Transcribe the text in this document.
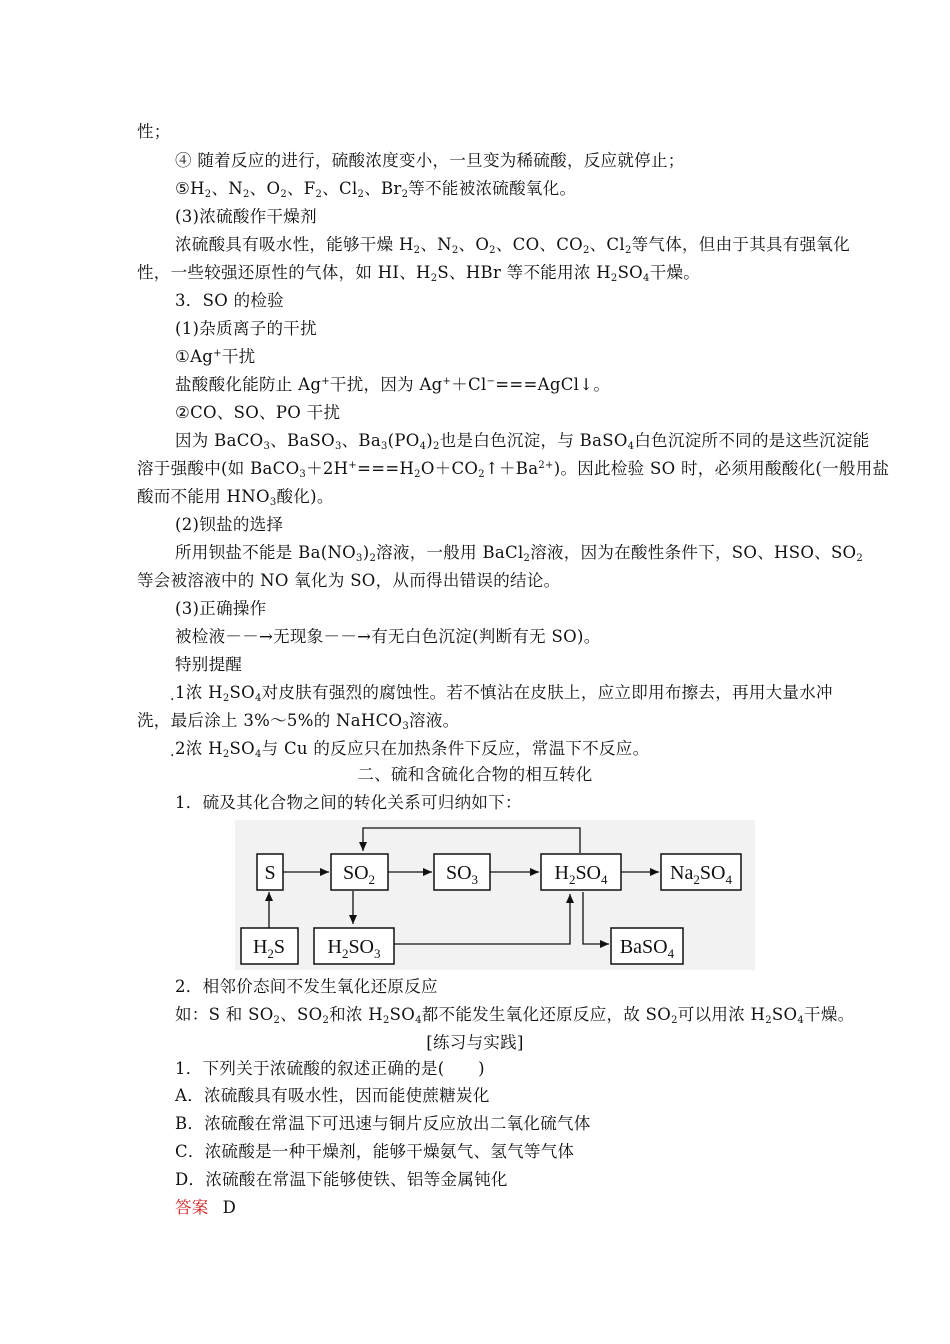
性；
④ 随着反应的进行，硫酸浓度变小，一旦变为稀硫酸，反应就停止；
$⑤H_2$、$N_2$、$O_2$、$F_2$、$Cl_2$、$Br_2$等不能被浓硫酸氧化。
(3)浓硫酸作干燥剂
浓硫酸具有吸水性，能够干燥 $H_2$、$N_2$、$O_2$、CO、$CO_2$、$Cl_2$等气体，但由于其具有强氧化
性，一些较强还原性的气体，如 HI、$H_2S$、HBr 等不能用浓 $H_2SO_4$干燥。
3．SO 的检验
(1)杂质离子的干扰
①Ag+干扰
盐酸酸化能防止 Ag+干扰，因为 Ag+＋Cl−===AgCl↓。
②CO、SO、PO 干扰
因为 BaCO$_3$、BaSO$_3$、$Ba_3(PO_4)_2$也是白色沉淀，与 BaSO$_4$白色沉淀所不同的是这些沉淀能
溶于强酸中(如 $BaCO_3+2H^+===H_2O+CO_2↑+Ba^{2+}$)。因此检验 SO 时，必须用酸酸化(一般用盐
酸而不能用 $HNO_3$酸化)。
(2)钡盐的选择
所用钡盐不能是 $Ba(NO_3)_2$溶液，一般用 BaCl$_2$溶液，因为在酸性条件下，SO、HSO、$SO_2$
等会被溶液中的 NO 氧化为 SO，从而得出错误的结论。
(3)正确操作
被检液－－→无现象－－→有无白色沉淀(判断有无 SO)。
特别提醒
. 1浓 $H_2SO_4$对皮肤有强烈的腐蚀性。若不慎沾在皮肤上，应立即用布擦去，再用大量水冲
洗，最后涂上 3%～5%的 NaHCO$_3$溶液。
. 2浓 $H_2SO_4$与 Cu 的反应只在加热条件下反应，常温下不反应。
二、硫和含硫化合物的相互转化
1．硫及其化合物之间的转化关系可归纳如下：
S	$SO_2$	$SO_3$	$H_2SO_4$	$Na_2SO_4$
$H_2S$ $H_2SO_3$	BaSO$_4$
2．相邻价态间不发生氧化还原反应
如：S 和 $SO_2$、$SO_2$和浓 $H_2SO_4$都不能发生氧化还原反应，故 $SO_2$可以用浓 $H_2SO_4$干燥。
[练习与实践]
1．下列关于浓硫酸的叙述正确的是(　　)
A．浓硫酸具有吸水性，因而能使蔗糖炭化
B．浓硫酸在常温下可迅速与铜片反应放出二氧化硫气体
C．浓硫酸是一种干燥剂，能够干燥氨气、氢气等气体
D．浓硫酸在常温下能够使铁、铝等金属钝化
答案 D
